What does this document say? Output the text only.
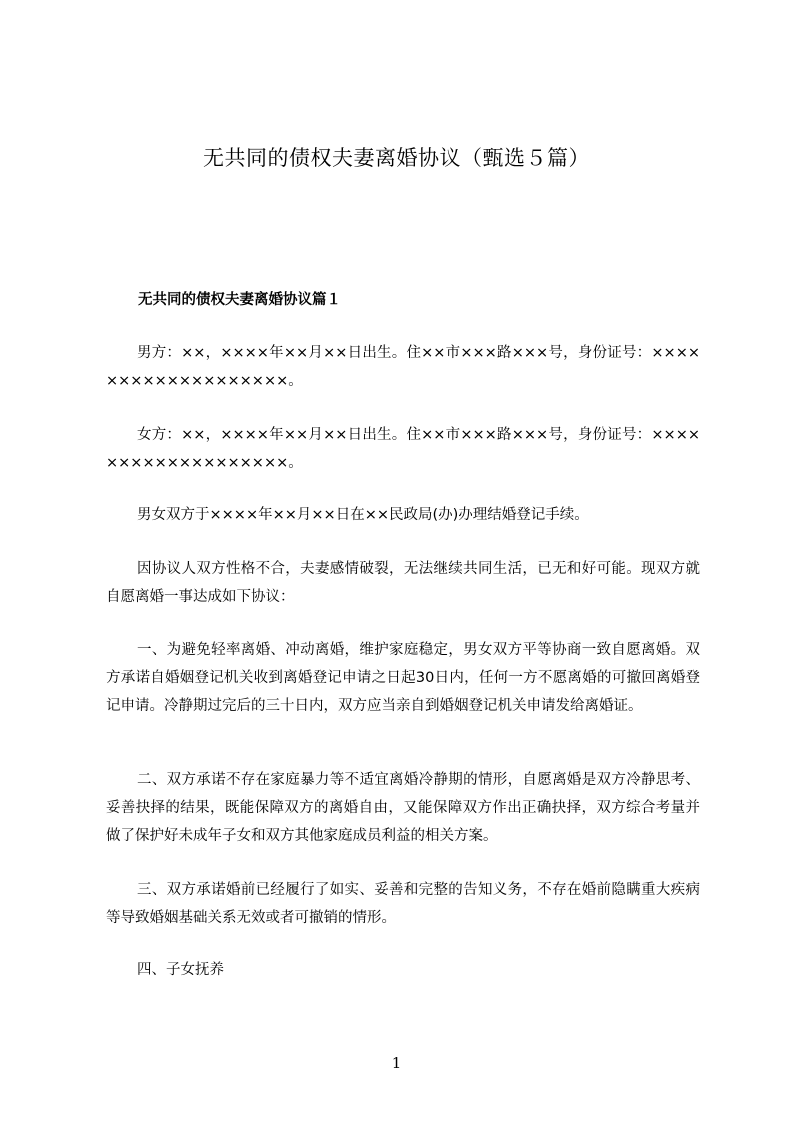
无共同的债权夫妻离婚协议（甄选５篇）
无共同的债权夫妻离婚协议篇１

男方：××，××××年××月××日出生。住××市×××路×××号，身份证号：×××××××××××××××××××。

女方：××，××××年××月××日出生。住××市×××路×××号，身份证号：×××××××××××××××××××。

男女双方于××××年××月××日在××民政局(办)办理结婚登记手续。

因协议人双方性格不合，夫妻感情破裂，无法继续共同生活，已无和好可能。现双方就自愿离婚一事达成如下协议：

一、为避免轻率离婚、冲动离婚，维护家庭稳定，男女双方平等协商一致自愿离婚。双方承诺自婚姻登记机关收到离婚登记申请之日起30日内，任何一方不愿离婚的可撤回离婚登记申请。冷静期过完后的三十日内，双方应当亲自到婚姻登记机关申请发给离婚证。

二、双方承诺不存在家庭暴力等不适宜离婚冷静期的情形，自愿离婚是双方冷静思考、妥善抉择的结果，既能保障双方的离婚自由，又能保障双方作出正确抉择，双方综合考量并做了保护好未成年子女和双方其他家庭成员利益的相关方案。

三、双方承诺婚前已经履行了如实、妥善和完整的告知义务，不存在婚前隐瞒重大疾病等导致婚姻基础关系无效或者可撤销的情形。

四、子女抚养

1
